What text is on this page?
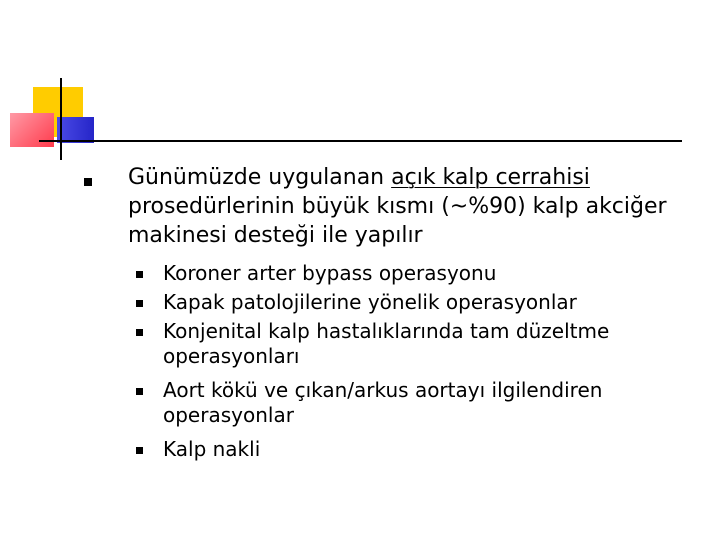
Günümüzde uygulanan açık kalp cerrahisi prosedürlerinin büyük kısmı (~%90) kalp akciğer makinesi desteği ile yapılır
Koroner arter bypass operasyonu
Kapak patolojilerine yönelik operasyonlar
Konjenital kalp hastalıklarında tam düzeltme operasyonları
Aort kökü ve çıkan/arkus aortayı ilgilendiren operasyonlar
Kalp nakli
